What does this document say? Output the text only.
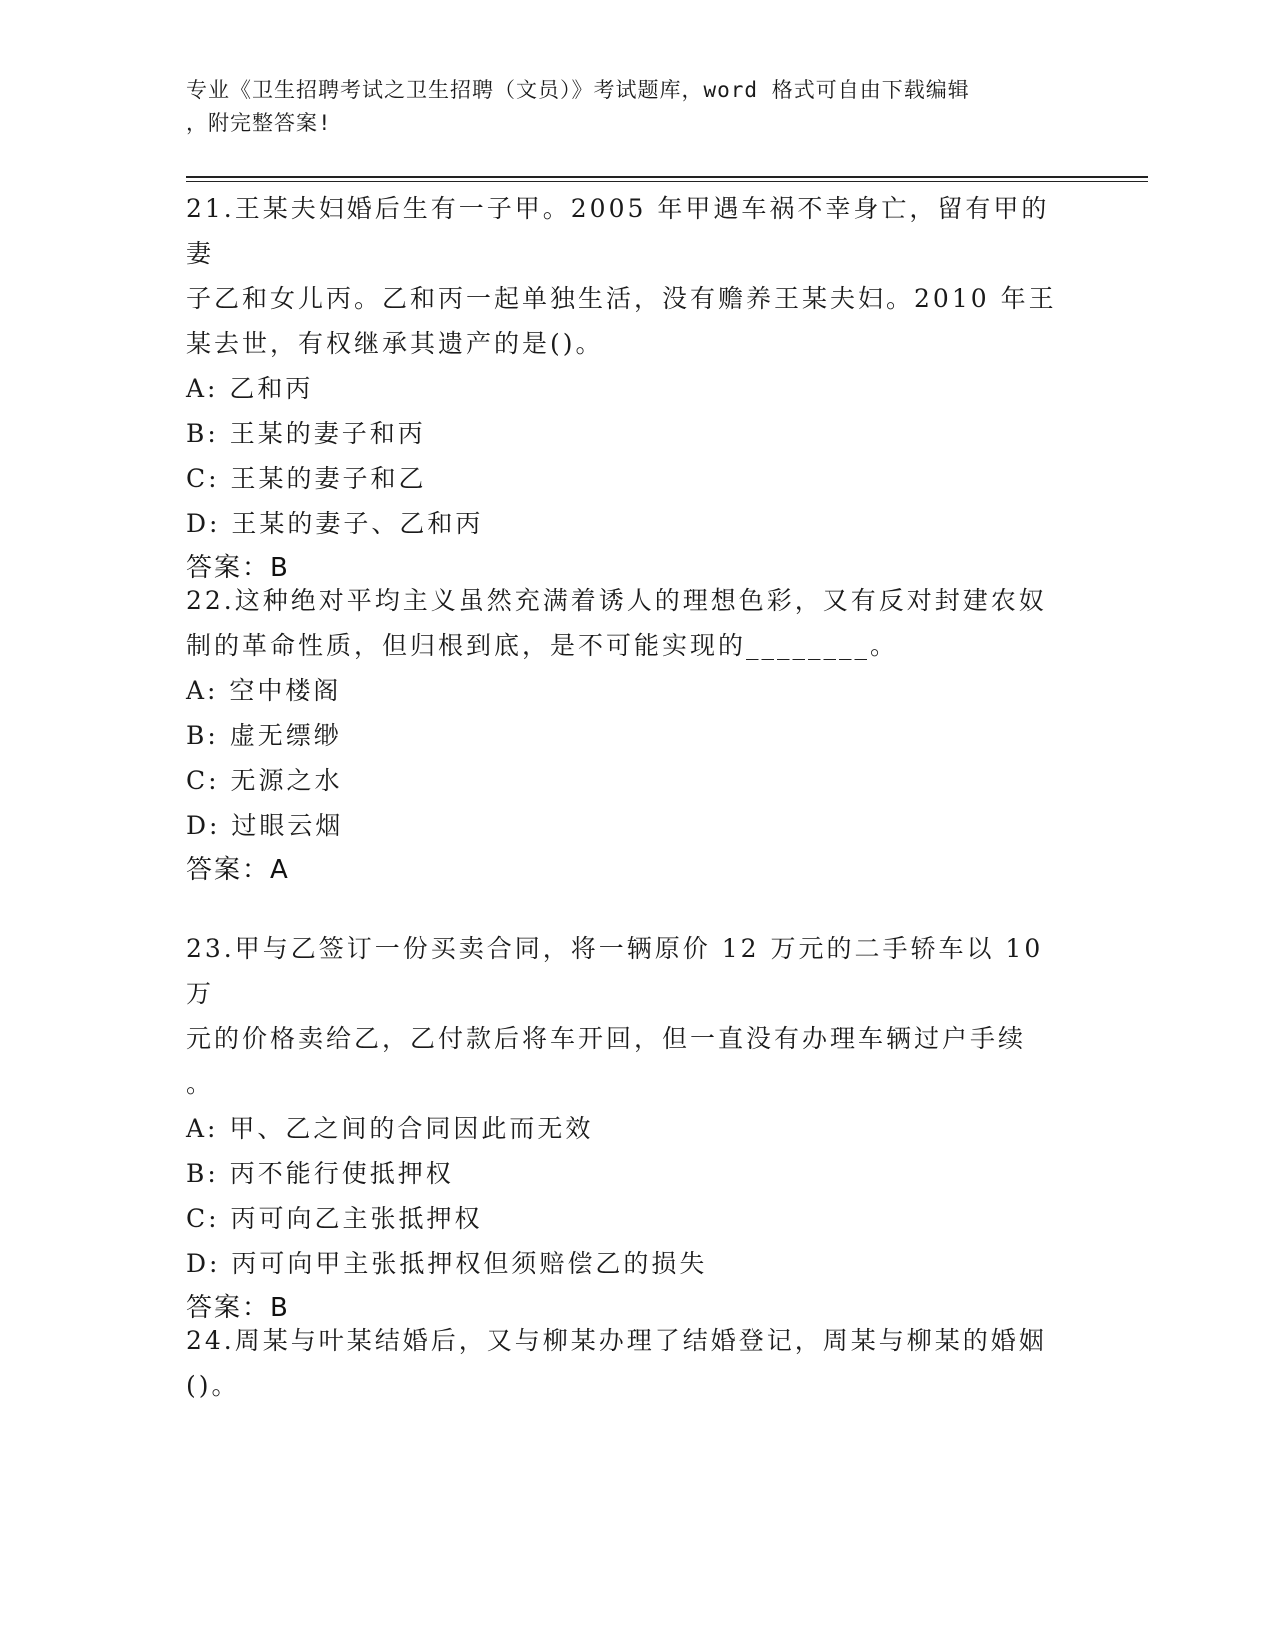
专业《卫生招聘考试之卫生招聘（文员）》考试题库，word 格式可自由下载编辑
，附完整答案!

21.王某夫妇婚后生有一子甲。2005 年甲遇车祸不幸身亡，留有甲的妻

子乙和女儿丙。乙和丙一起单独生活，没有赡养王某夫妇。2010 年王

某去世，有权继承其遗产的是()。

A: 乙和丙

B: 王某的妻子和丙

C: 王某的妻子和乙

D: 王某的妻子、乙和丙

答案：B

22.这种绝对平均主义虽然充满着诱人的理想色彩，又有反对封建农奴

制的革命性质，但归根到底，是不可能实现的________。

A: 空中楼阁

B: 虚无缥缈

C: 无源之水

D: 过眼云烟

答案：A

23.甲与乙签订一份买卖合同，将一辆原价 12 万元的二手轿车以 10 万

元的价格卖给乙，乙付款后将车开回，但一直没有办理车辆过户手续

。

A: 甲、乙之间的合同因此而无效

B: 丙不能行使抵押权

C: 丙可向乙主张抵押权

D: 丙可向甲主张抵押权但须赔偿乙的损失

答案：B

24.周某与叶某结婚后，又与柳某办理了结婚登记，周某与柳某的婚姻

()。
